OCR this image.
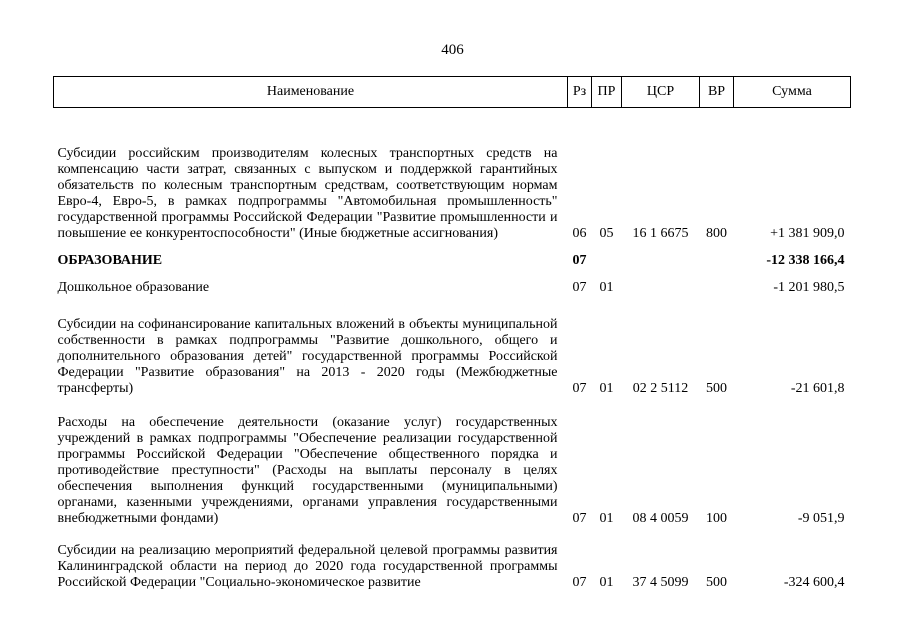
406
Наименование	Рз	ПР	ЦСР	ВР	Сумма
Субсидии российским производителям колесных транспортных средств на компенсацию части затрат, связанных с выпуском и поддержкой гарантийных обязательств по колесным транспортным средствам, соответствующим нормам Евро-4, Евро-5, в рамках подпрограммы "Автомобильная промышленность" государственной программы Российской Федерации "Развитие промышленности и повышение ее конкурентоспособности" (Иные бюджетные ассигнования)	06	05	16 1 6675	800	+1 381 909,0
ОБРАЗОВАНИЕ	07				-12 338 166,4
Дошкольное образование	07	01			-1 201 980,5
Субсидии на софинансирование капитальных вложений в объекты муниципальной собственности в рамках подпрограммы "Развитие дошкольного, общего и дополнительного образования детей" государственной программы Российской Федерации "Развитие образования" на 2013 - 2020 годы (Межбюджетные трансферты)	07	01	02 2 5112	500	-21 601,8
Расходы на обеспечение деятельности (оказание услуг) государственных учреждений в рамках подпрограммы "Обеспечение реализации государственной программы Российской Федерации "Обеспечение общественного порядка и противодействие преступности" (Расходы на выплаты персоналу в целях обеспечения выполнения функций государственными (муниципальными) органами, казенными учреждениями, органами управления государственными внебюджетными фондами)	07	01	08 4 0059	100	-9 051,9
Субсидии на реализацию мероприятий федеральной целевой программы развития Калининградской области на период до 2020 года государственной программы Российской Федерации "Социально-экономическое развитие	07	01	37 4 5099	500	-324 600,4
